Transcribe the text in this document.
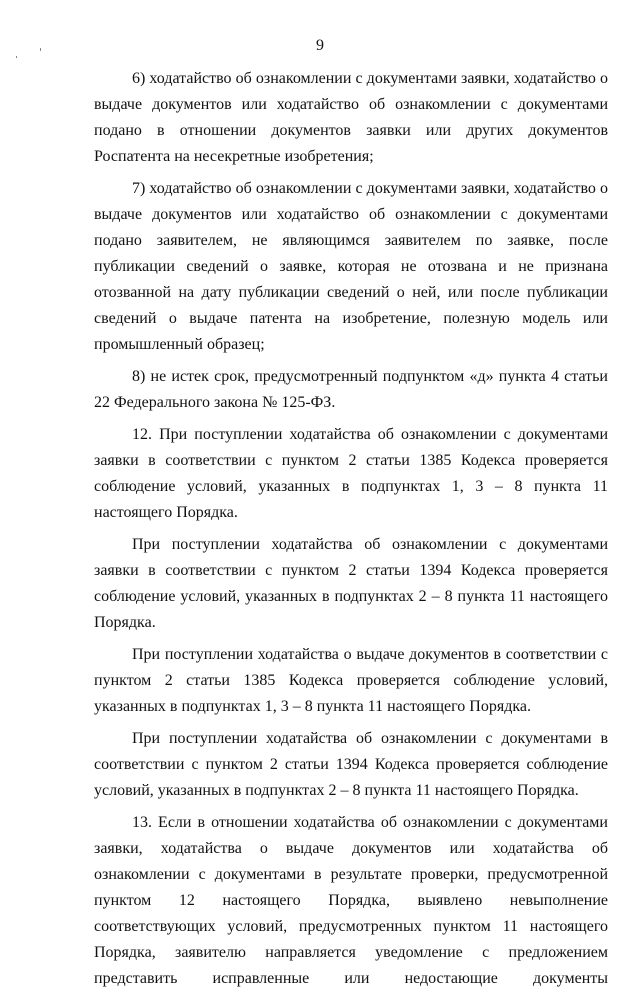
9

6) ходатайство об ознакомлении с документами заявки, ходатайство о выдаче документов или ходатайство об ознакомлении с документами подано в отношении документов заявки или других документов Роспатента на несекретные изобретения;

7) ходатайство об ознакомлении с документами заявки, ходатайство о выдаче документов или ходатайство об ознакомлении с документами подано заявителем, не являющимся заявителем по заявке, после публикации сведений о заявке, которая не отозвана и не признана отозванной на дату публикации сведений о ней, или после публикации сведений о выдаче патента на изобретение, полезную модель или промышленный образец;

8) не истек срок, предусмотренный подпунктом «д» пункта 4 статьи 22 Федерального закона № 125-ФЗ.

12. При поступлении ходатайства об ознакомлении с документами заявки в соответствии с пунктом 2 статьи 1385 Кодекса проверяется соблюдение условий, указанных в подпунктах 1, 3 – 8 пункта 11 настоящего Порядка.

При поступлении ходатайства об ознакомлении с документами заявки в соответствии с пунктом 2 статьи 1394 Кодекса проверяется соблюдение условий, указанных в подпунктах 2 – 8 пункта 11 настоящего Порядка.

При поступлении ходатайства о выдаче документов в соответствии с пунктом 2 статьи 1385 Кодекса проверяется соблюдение условий, указанных в подпунктах 1, 3 – 8 пункта 11 настоящего Порядка.

При поступлении ходатайства об ознакомлении с документами в соответствии с пунктом 2 статьи 1394 Кодекса проверяется соблюдение условий, указанных в подпунктах 2 – 8 пункта 11 настоящего Порядка.

13. Если в отношении ходатайства об ознакомлении с документами заявки, ходатайства о выдаче документов или ходатайства об ознакомлении с документами в результате проверки, предусмотренной пунктом 12 настоящего Порядка, выявлено невыполнение соответствующих условий, предусмотренных пунктом 11 настоящего Порядка, заявителю направляется уведомление с предложением представить исправленные или недостающие документы
